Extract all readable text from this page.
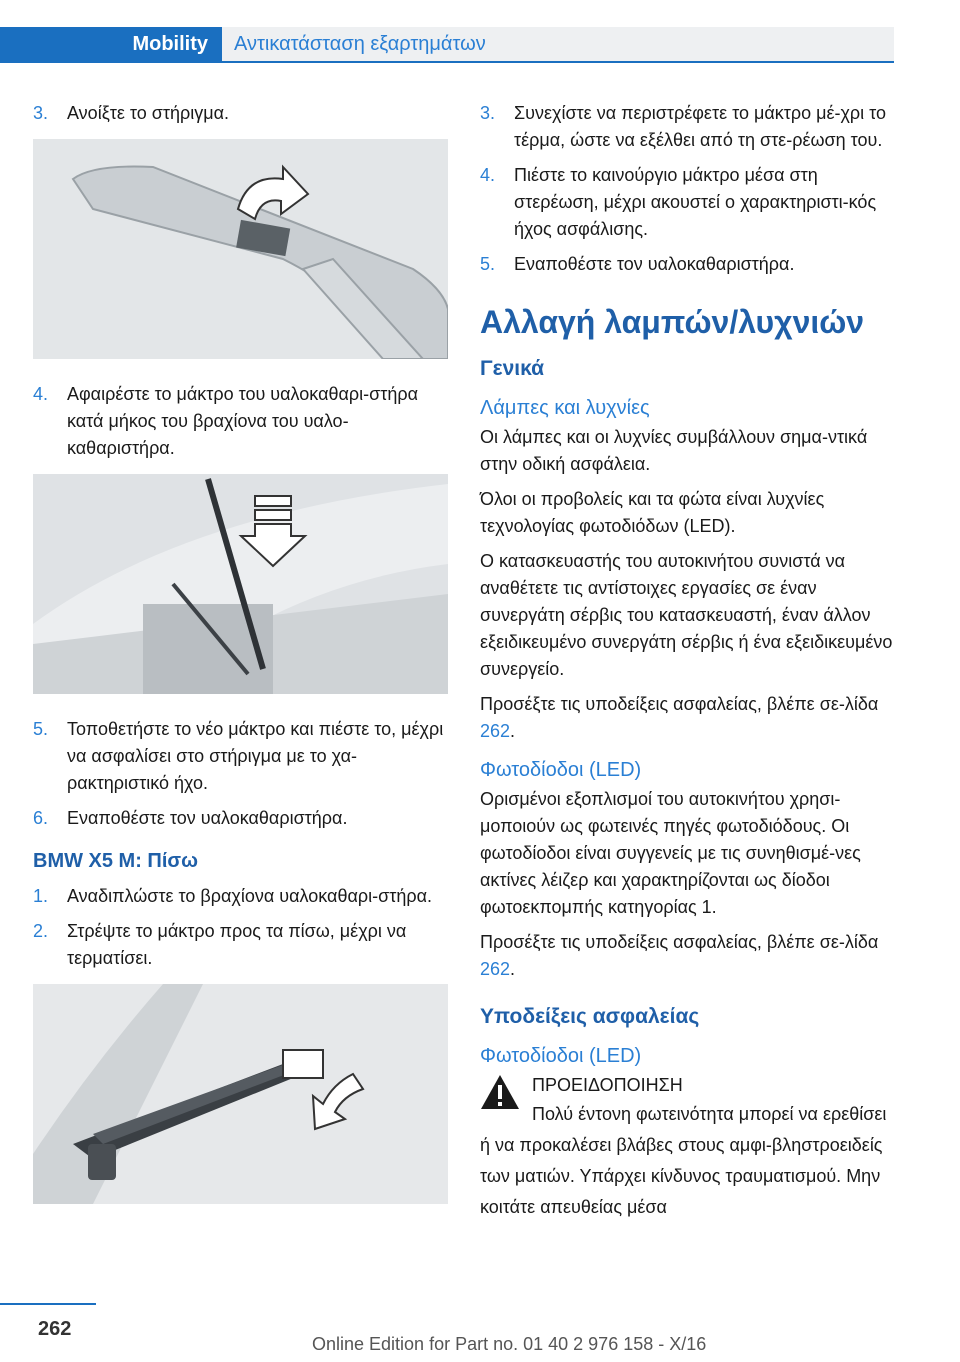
Mobility	Αντικατάσταση εξαρτημάτων
3.	Ανοίξτε το στήριγμα.
4.	Αφαιρέστε το μάκτρο του υαλοκαθαρι-στήρα κατά μήκος του βραχίονα του υαλο-καθαριστήρα.
5.	Τοποθετήστε το νέο μάκτρο και πιέστε το, μέχρι να ασφαλίσει στο στήριγμα με το χα-ρακτηριστικό ήχο.
6.	Εναποθέστε τον υαλοκαθαριστήρα.
BMW X5 M: Πίσω
1.	Αναδιπλώστε το βραχίονα υαλοκαθαρι-στήρα.
2.	Στρέψτε το μάκτρο προς τα πίσω, μέχρι να τερματίσει.
3.	Συνεχίστε να περιστρέφετε το μάκτρο μέ-χρι το τέρμα, ώστε να εξέλθει από τη στε-ρέωση του.
4.	Πιέστε το καινούργιο μάκτρο μέσα στη στερέωση, μέχρι ακουστεί ο χαρακτηριστι-κός ήχος ασφάλισης.
5.	Εναποθέστε τον υαλοκαθαριστήρα.
Αλλαγή λαμπών/λυχνιών
Γενικά
Λάμπες και λυχνίες

Οι λάμπες και οι λυχνίες συμβάλλουν σημα-ντικά στην οδική ασφάλεια.

Όλοι οι προβολείς και τα φώτα είναι λυχνίες τεχνολογίας φωτοδιόδων (LED).

Ο κατασκευαστής του αυτοκινήτου συνιστά να αναθέτετε τις αντίστοιχες εργασίες σε έναν συνεργάτη σέρβις του κατασκευαστή, έναν άλλον εξειδικευμένο συνεργάτη σέρβις ή ένα εξειδικευμένο συνεργείο.

Προσέξτε τις υποδείξεις ασφαλείας, βλέπε σε-λίδα 262.

Φωτοδίοδοι (LED)

Ορισμένοι εξοπλισμοί του αυτοκινήτου χρησι-μοποιούν ως φωτεινές πηγές φωτοδιόδους. Οι φωτοδίοδοι είναι συγγενείς με τις συνηθισμέ-νες ακτίνες λέιζερ και χαρακτηρίζονται ως δίοδοι φωτοεκπομπής κατηγορίας 1.

Προσέξτε τις υποδείξεις ασφαλείας, βλέπε σε-λίδα 262.

Υποδείξεις ασφαλείας
Φωτοδίοδοι (LED)
ΠΡΟΕΙΔΟΠΟΙΗΣΗ
Πολύ έντονη φωτεινότητα μπορεί να ερεθίσει ή να προκαλέσει βλάβες στους αμφι-βληστροειδείς των ματιών. Υπάρχει κίνδυνος τραυματισμού. Μην κοιτάτε απευθείας μέσα
262
Online Edition for Part no. 01 40 2 976 158 - X/16
